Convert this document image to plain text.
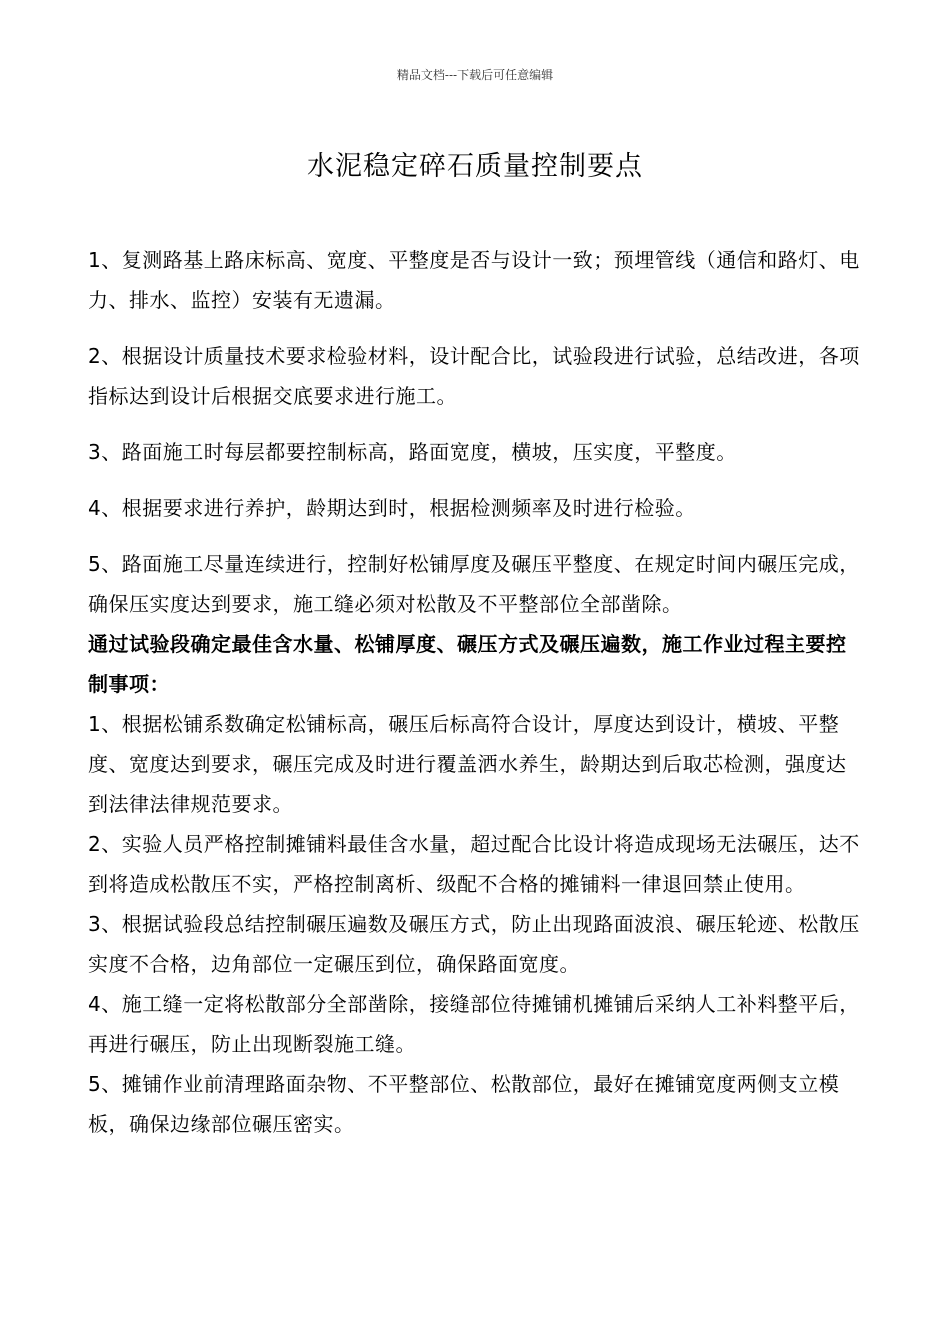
精品文档---下载后可任意编辑
水泥稳定碎石质量控制要点

1、复测路基上路床标高、宽度、平整度是否与设计一致；预埋管线（通信和路灯、电力、排水、监控）安装有无遗漏。

2、根据设计质量技术要求检验材料，设计配合比，试验段进行试验，总结改进，各项指标达到设计后根据交底要求进行施工。

3、路面施工时每层都要控制标高，路面宽度，横坡，压实度，平整度。

4、根据要求进行养护，龄期达到时，根据检测频率及时进行检验。

5、路面施工尽量连续进行，控制好松铺厚度及碾压平整度、在规定时间内碾压完成，确保压实度达到要求，施工缝必须对松散及不平整部位全部凿除。

通过试验段确定最佳含水量、松铺厚度、碾压方式及碾压遍数，施工作业过程主要控制事项：

1、根据松铺系数确定松铺标高，碾压后标高符合设计，厚度达到设计，横坡、平整度、宽度达到要求，碾压完成及时进行覆盖洒水养生，龄期达到后取芯检测，强度达到法律法律规范要求。

2、实验人员严格控制摊铺料最佳含水量，超过配合比设计将造成现场无法碾压，达不到将造成松散压不实，严格控制离析、级配不合格的摊铺料一律退回禁止使用。

3、根据试验段总结控制碾压遍数及碾压方式，防止出现路面波浪、碾压轮迹、松散压实度不合格，边角部位一定碾压到位，确保路面宽度。

4、施工缝一定将松散部分全部凿除，接缝部位待摊铺机摊铺后采纳人工补料整平后，再进行碾压，防止出现断裂施工缝。

5、摊铺作业前清理路面杂物、不平整部位、松散部位，最好在摊铺宽度两侧支立模板，确保边缘部位碾压密实。
